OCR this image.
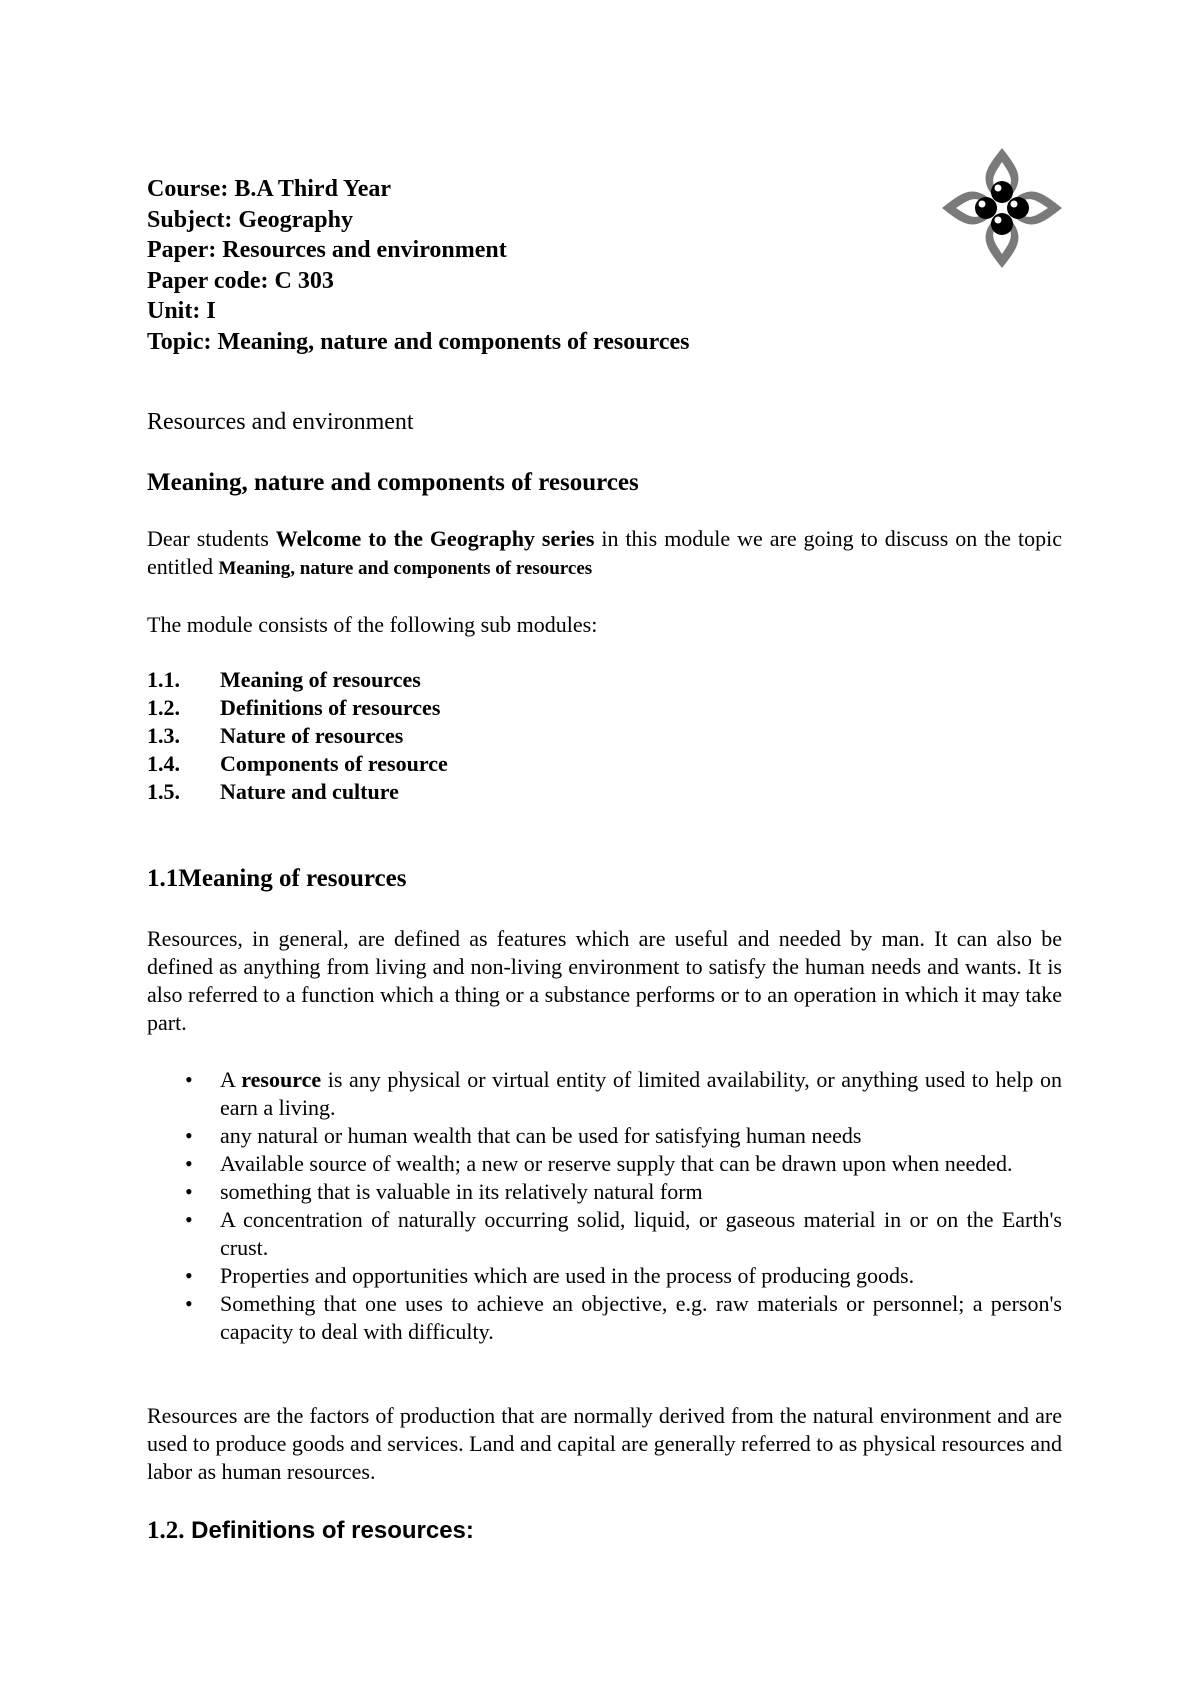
Course: B.A Third Year
Subject: Geography
Paper: Resources and environment
Paper code: C 303
Unit: I
Topic: Meaning, nature and components of resources
Resources and environment
Meaning, nature and components of resources
Dear students Welcome to the Geography series in this module we are going to discuss on the topic entitled Meaning, nature and components of resources
The module consists of the following sub modules:
1.1. Meaning of resources
1.2. Definitions of resources
1.3. Nature of resources
1.4. Components of resource
1.5. Nature and culture
1.1Meaning of resources
Resources, in general, are defined as features which are useful and needed by man. It can also be defined as anything from living and non-living environment to satisfy the human needs and wants. It is also referred to a function which a thing or a substance performs or to an operation in which it may take part.
• A resource is any physical or virtual entity of limited availability, or anything used to help on earn a living.
• any natural or human wealth that can be used for satisfying human needs
• Available source of wealth; a new or reserve supply that can be drawn upon when needed.
• something that is valuable in its relatively natural form
• A concentration of naturally occurring solid, liquid, or gaseous material in or on the Earth's crust.
• Properties and opportunities which are used in the process of producing goods.
• Something that one uses to achieve an objective, e.g. raw materials or personnel; a person's capacity to deal with difficulty.
Resources are the factors of production that are normally derived from the natural environment and are used to produce goods and services. Land and capital are generally referred to as physical resources and labor as human resources.
1.2. Definitions of resources:
